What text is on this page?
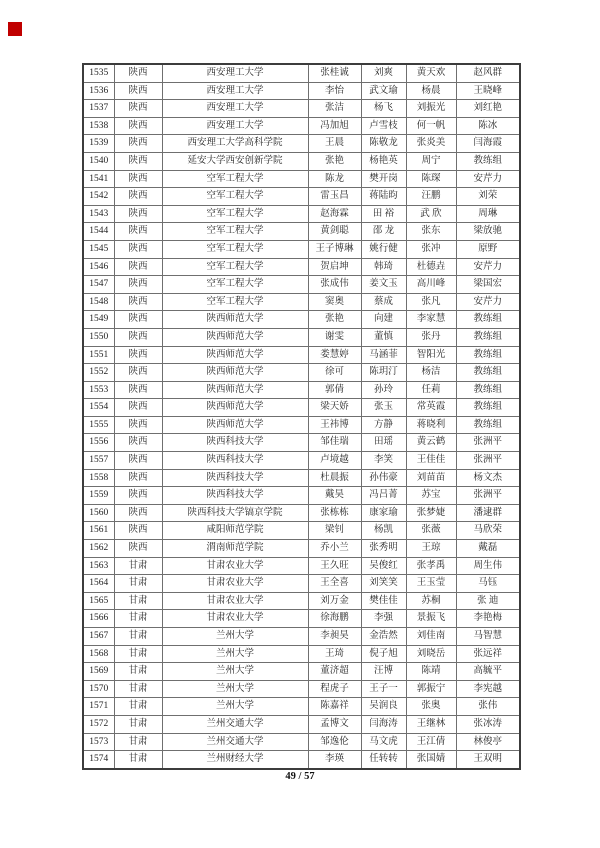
1535	陕西	西安理工大学	张桂诚	刘爽	黄天欢	赵风群
1536	陕西	西安理工大学	李怡	武文瑜	杨晨	王晓峰
1537	陕西	西安理工大学	张洁	杨飞	刘振光	刘红艳
1538	陕西	西安理工大学	冯加旭	卢雪枝	何一帆	陈冰
1539	陕西	西安理工大学高科学院	王晨	陈敬龙	张炎美	闫海霞
1540	陕西	延安大学西安创新学院	张艳	杨艳英	周宁	教练组
1541	陕西	空军工程大学	陈龙	樊开岗	陈琛	安芹力
1542	陕西	空军工程大学	雷玉昌	蒋陆昀	汪鹏	刘荣
1543	陕西	空军工程大学	赵海霖	田 裕	武 欣	周琳
1544	陕西	空军工程大学	黄剑聪	邵 龙	张东	梁放驰
1545	陕西	空军工程大学	王子博琳	姚行健	张冲	原野
1546	陕西	空军工程大学	贺启坤	韩琦	杜德垚	安芹力
1547	陕西	空军工程大学	张成伟	姜文玉	高川峰	梁国宏
1548	陕西	空军工程大学	窦奥	蔡成	张凡	安芹力
1549	陕西	陕西师范大学	张艳	向建	李家慧	教练组
1550	陕西	陕西师范大学	谢雯	董慎	张丹	教练组
1551	陕西	陕西师范大学	娄慧婷	马涵菲	智阳光	教练组
1552	陕西	陕西师范大学	徐可	陈玥汀	杨洁	教练组
1553	陕西	陕西师范大学	郭倩	孙玲	任莉	教练组
1554	陕西	陕西师范大学	梁天娇	张玉	常英霞	教练组
1555	陕西	陕西师范大学	王祎博	方静	蒋晓利	教练组
1556	陕西	陕西科技大学	邹佳瑞	田瑶	黄云鹤	张洲平
1557	陕西	陕西科技大学	卢境越	李笑	王佳佳	张洲平
1558	陕西	陕西科技大学	杜晨振	孙伟豪	刘苗苗	杨文杰
1559	陕西	陕西科技大学	戴昊	冯吕菁	苏宝	张洲平
1560	陕西	陕西科技大学镐京学院	张栋栋	康家瑜	张梦婕	潘逮群
1561	陕西	咸阳师范学院	梁钊	杨凯	张薇	马欣荣
1562	陕西	渭南师范学院	乔小兰	张秀明	王琼	戴磊
1563	甘肃	甘肃农业大学	王久旺	吴俊红	张孝禹	周生伟
1564	甘肃	甘肃农业大学	王全喜	刘笑笑	王玉莹	马钰
1565	甘肃	甘肃农业大学	刘万金	樊佳佳	苏桐	张 迪
1566	甘肃	甘肃农业大学	徐海鹏	李强	景振飞	李艳梅
1567	甘肃	兰州大学	李昶昊	金浩然	刘佳南	马智慧
1568	甘肃	兰州大学	王琦	倪子旭	刘晓岳	张远祥
1569	甘肃	兰州大学	董济超	汪博	陈靖	高毓平
1570	甘肃	兰州大学	程虎子	王子一	郭振宁	李宪越
1571	甘肃	兰州大学	陈嘉祥	吴润良	张奥	张伟
1572	甘肃	兰州交通大学	孟博文	闫海涛	王继林	张冰涛
1573	甘肃	兰州交通大学	邹逸伦	马文虎	王江倩	林俊亭
1574	甘肃	兰州财经大学	李瑛	任转转	张国婧	王双明
49 / 57
